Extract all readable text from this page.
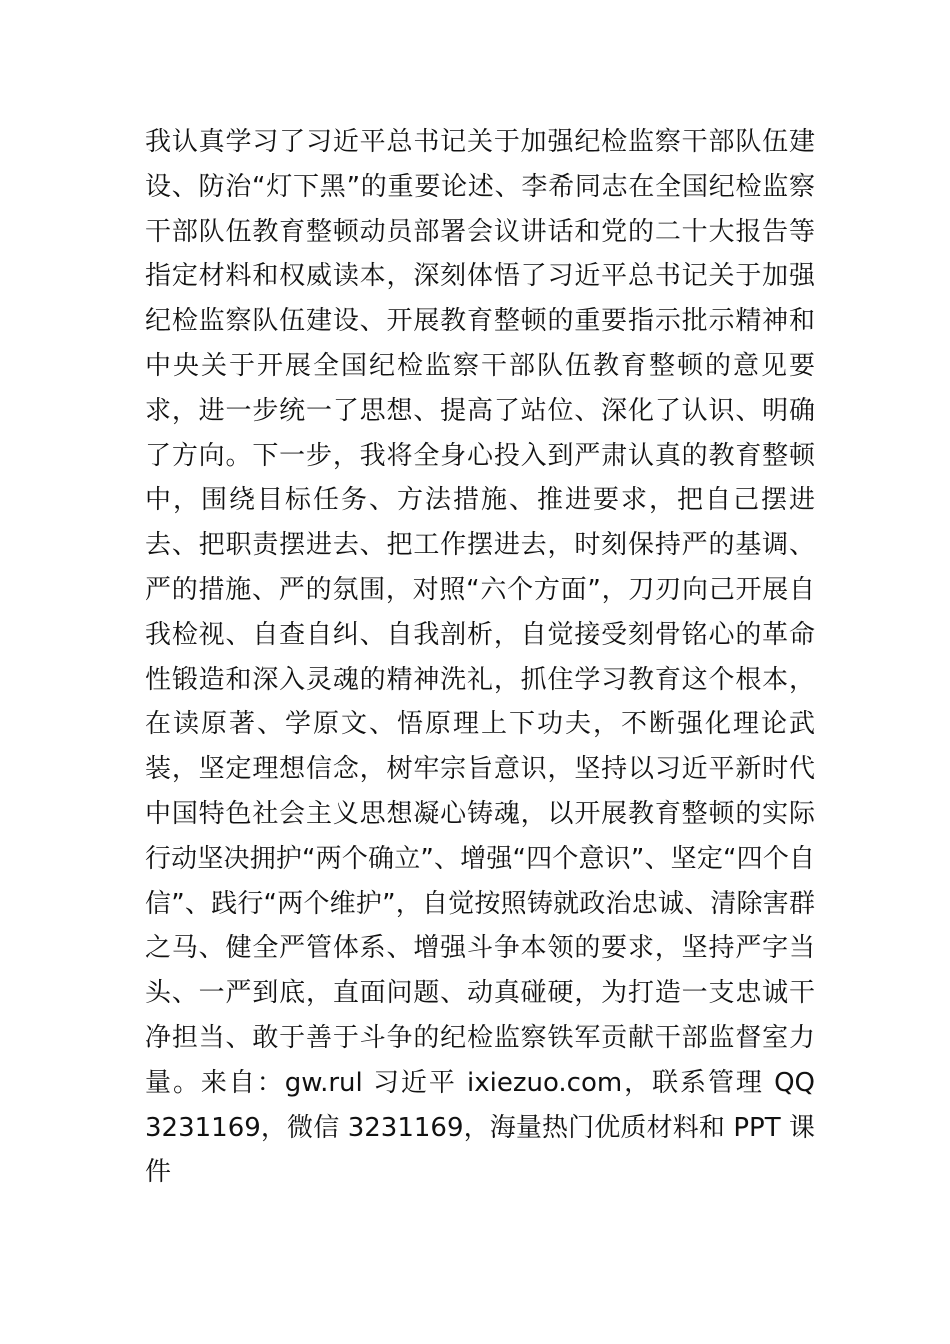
我认真学习了习近平总书记关于加强纪检监察干部队伍建
设、防治“灯下黑”的重要论述、李希同志在全国纪检监察
干部队伍教育整顿动员部署会议讲话和党的二十大报告等
指定材料和权威读本，深刻体悟了习近平总书记关于加强
纪检监察队伍建设、开展教育整顿的重要指示批示精神和
中央关于开展全国纪检监察干部队伍教育整顿的意见要
求，进一步统一了思想、提高了站位、深化了认识、明确
了方向。下一步，我将全身心投入到严肃认真的教育整顿
中，围绕目标任务、方法措施、推进要求，把自己摆进
去、把职责摆进去、把工作摆进去，时刻保持严的基调、
严的措施、严的氛围，对照“六个方面”，刀刃向己开展自
我检视、自查自纠、自我剖析，自觉接受刻骨铭心的革命
性锻造和深入灵魂的精神洗礼，抓住学习教育这个根本，
在读原著、学原文、悟原理上下功夫，不断强化理论武
装，坚定理想信念，树牢宗旨意识，坚持以习近平新时代
中国特色社会主义思想凝心铸魂，以开展教育整顿的实际
行动坚决拥护“两个确立”、增强“四个意识”、坚定“四个自
信”、践行“两个维护”，自觉按照铸就政治忠诚、清除害群
之马、健全严管体系、增强斗争本领的要求，坚持严字当
头、一严到底，直面问题、动真碰硬，为打造一支忠诚干
净担当、敢于善于斗争的纪检监察铁军贡献干部监督室力
量。来自：gw.rul 习近平 ixiezuo.com，联系管理 QQ
3231169，微信 3231169，海量热门优质材料和 PPT 课
件
